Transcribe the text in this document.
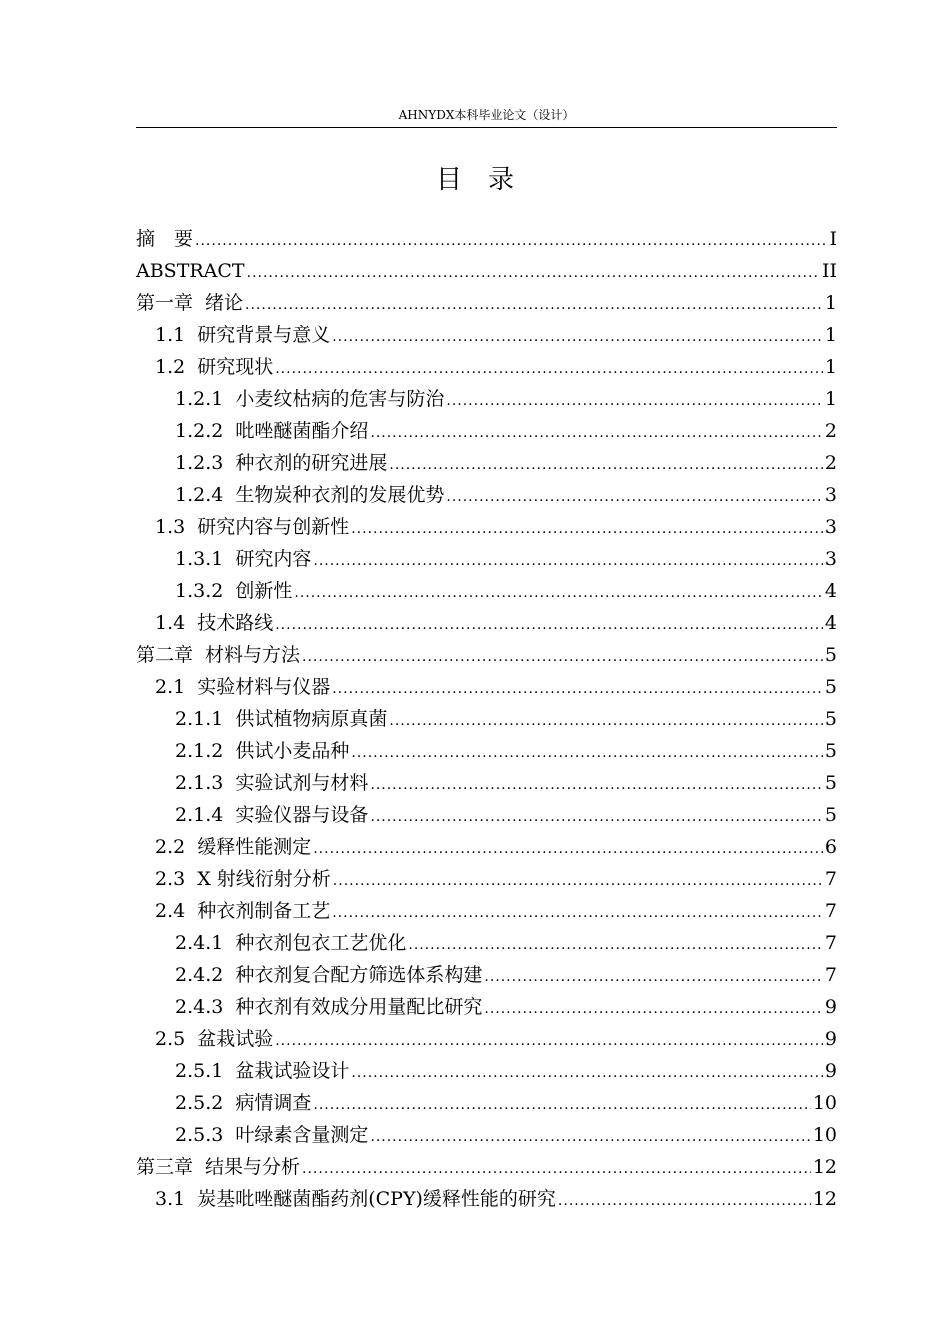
AHNYDX本科毕业论文（设计）
目 录
摘　要 .....	I
ABSTRACT .....	II
第一章 绪论 .....	1
1.1 研究背景与意义 .....	1
1.2 研究现状 .....	1
1.2.1 小麦纹枯病的危害与防治 .....	1
1.2.2 吡唑醚菌酯介绍 .....	2
1.2.3 种衣剂的研究进展 .....	2
1.2.4 生物炭种衣剂的发展优势 .....	3
1.3 研究内容与创新性 .....	3
1.3.1 研究内容 .....	3
1.3.2 创新性 .....	4
1.4 技术路线 .....	4
第二章 材料与方法 .....	5
2.1 实验材料与仪器 .....	5
2.1.1 供试植物病原真菌 .....	5
2.1.2 供试小麦品种 .....	5
2.1.3 实验试剂与材料 .....	5
2.1.4 实验仪器与设备 .....	5
2.2 缓释性能测定 .....	6
2.3 X 射线衍射分析 .....	7
2.4 种衣剂制备工艺 .....	7
2.4.1 种衣剂包衣工艺优化 .....	7
2.4.2 种衣剂复合配方筛选体系构建 .....	7
2.4.3 种衣剂有效成分用量配比研究 .....	9
2.5 盆栽试验 .....	9
2.5.1 盆栽试验设计 .....	9
2.5.2 病情调查 .....	10
2.5.3 叶绿素含量测定 .....	10
第三章 结果与分析 .....	12
3.1 炭基吡唑醚菌酯药剂(CPY)缓释性能的研究 .....	12
